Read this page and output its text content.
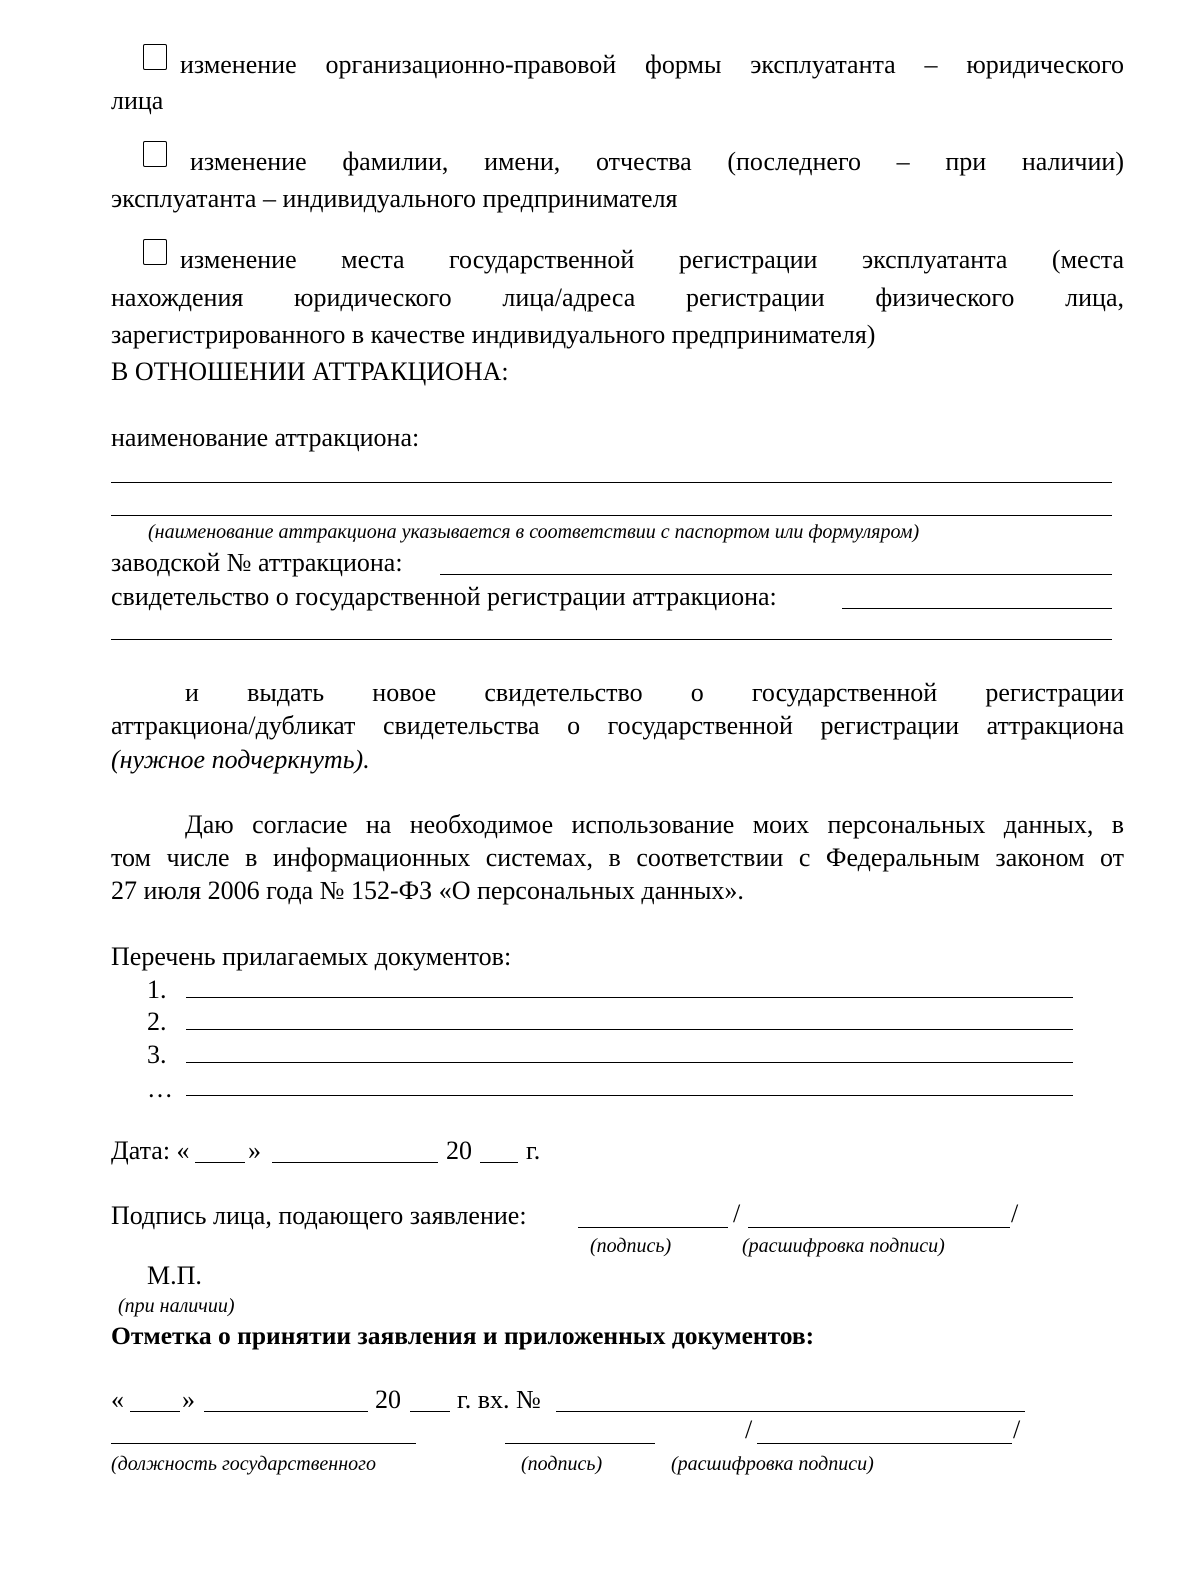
изменение организационно-правовой формы эксплуатанта – юридического
лица
изменение фамилии, имени, отчества (последнего – при наличии)
эксплуатанта – индивидуального предпринимателя
изменение места государственной регистрации эксплуатанта (места
нахождения юридического лица/адреса регистрации физического лица,
зарегистрированного в качестве индивидуального предпринимателя)
В ОТНОШЕНИИ АТТРАКЦИОНА:
наименование аттракциона:
(наименование аттракциона указывается в соответствии с паспортом или формуляром)
заводской № аттракциона:
свидетельство о государственной регистрации аттракциона:
и выдать новое свидетельство о государственной регистрации
аттракциона/дубликат свидетельства о государственной регистрации аттракциона
(нужное подчеркнуть).
Даю согласие на необходимое использование моих персональных данных, в
том числе в информационных системах, в соответствии с Федеральным законом от
27 июля 2006 года № 152-ФЗ «О персональных данных».
Перечень прилагаемых документов:
1.
2.
3.
…
Дата: « »	20 г.
Подпись лица, подающего заявление:	/	/
(подпись)	(расшифровка подписи)
М.П.
(при наличии)
Отметка о принятии заявления и приложенных документов:
« »	20 г. вх. №
/	/
(должность государственного	(подпись)	(расшифровка подписи)
